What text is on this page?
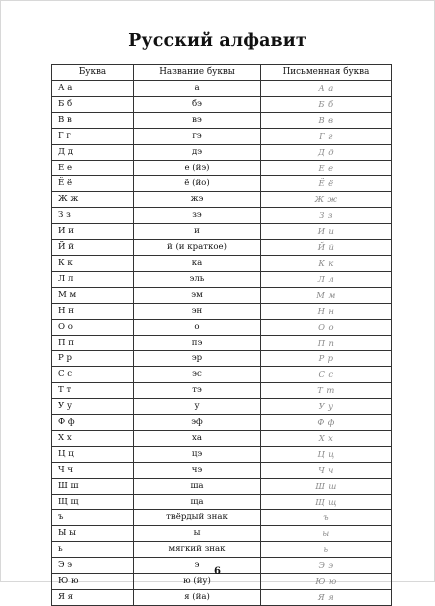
Русский алфавит
Буква	Название буквы	Письменная буква
А а	а	А а
Б б	бэ	Б б
В в	вэ	В в
Г г	гэ	Г г
Д д	дэ	Д д
Е е	е (йэ)	Е е
Ё ё	ё (йо)	Ё ё
Ж ж	жэ	Ж ж
З з	зэ	З з
И и	и	И и
Й й	й (и краткое)	Й й
К к	ка	К к
Л л	эль	Л л
М м	эм	М м
Н н	эн	Н н
О о	о	О о
П п	пэ	П п
Р р	эр	Р р
С с	эс	С с
Т т	тэ	Т т
У у	у	У у
Ф ф	эф	Ф ф
Х х	ха	Х х
Ц ц	цэ	Ц ц
Ч ч	чэ	Ч ч
Ш ш	ша	Ш ш
Щ щ	ща	Щ щ
ъ	твёрдый знак	ъ
Ы ы	ы	ы
ь	мягкий знак	ь
Э э	э	Э э
Ю ю	ю (йу)	Ю ю
Я я	я (йа)	Я я
6
